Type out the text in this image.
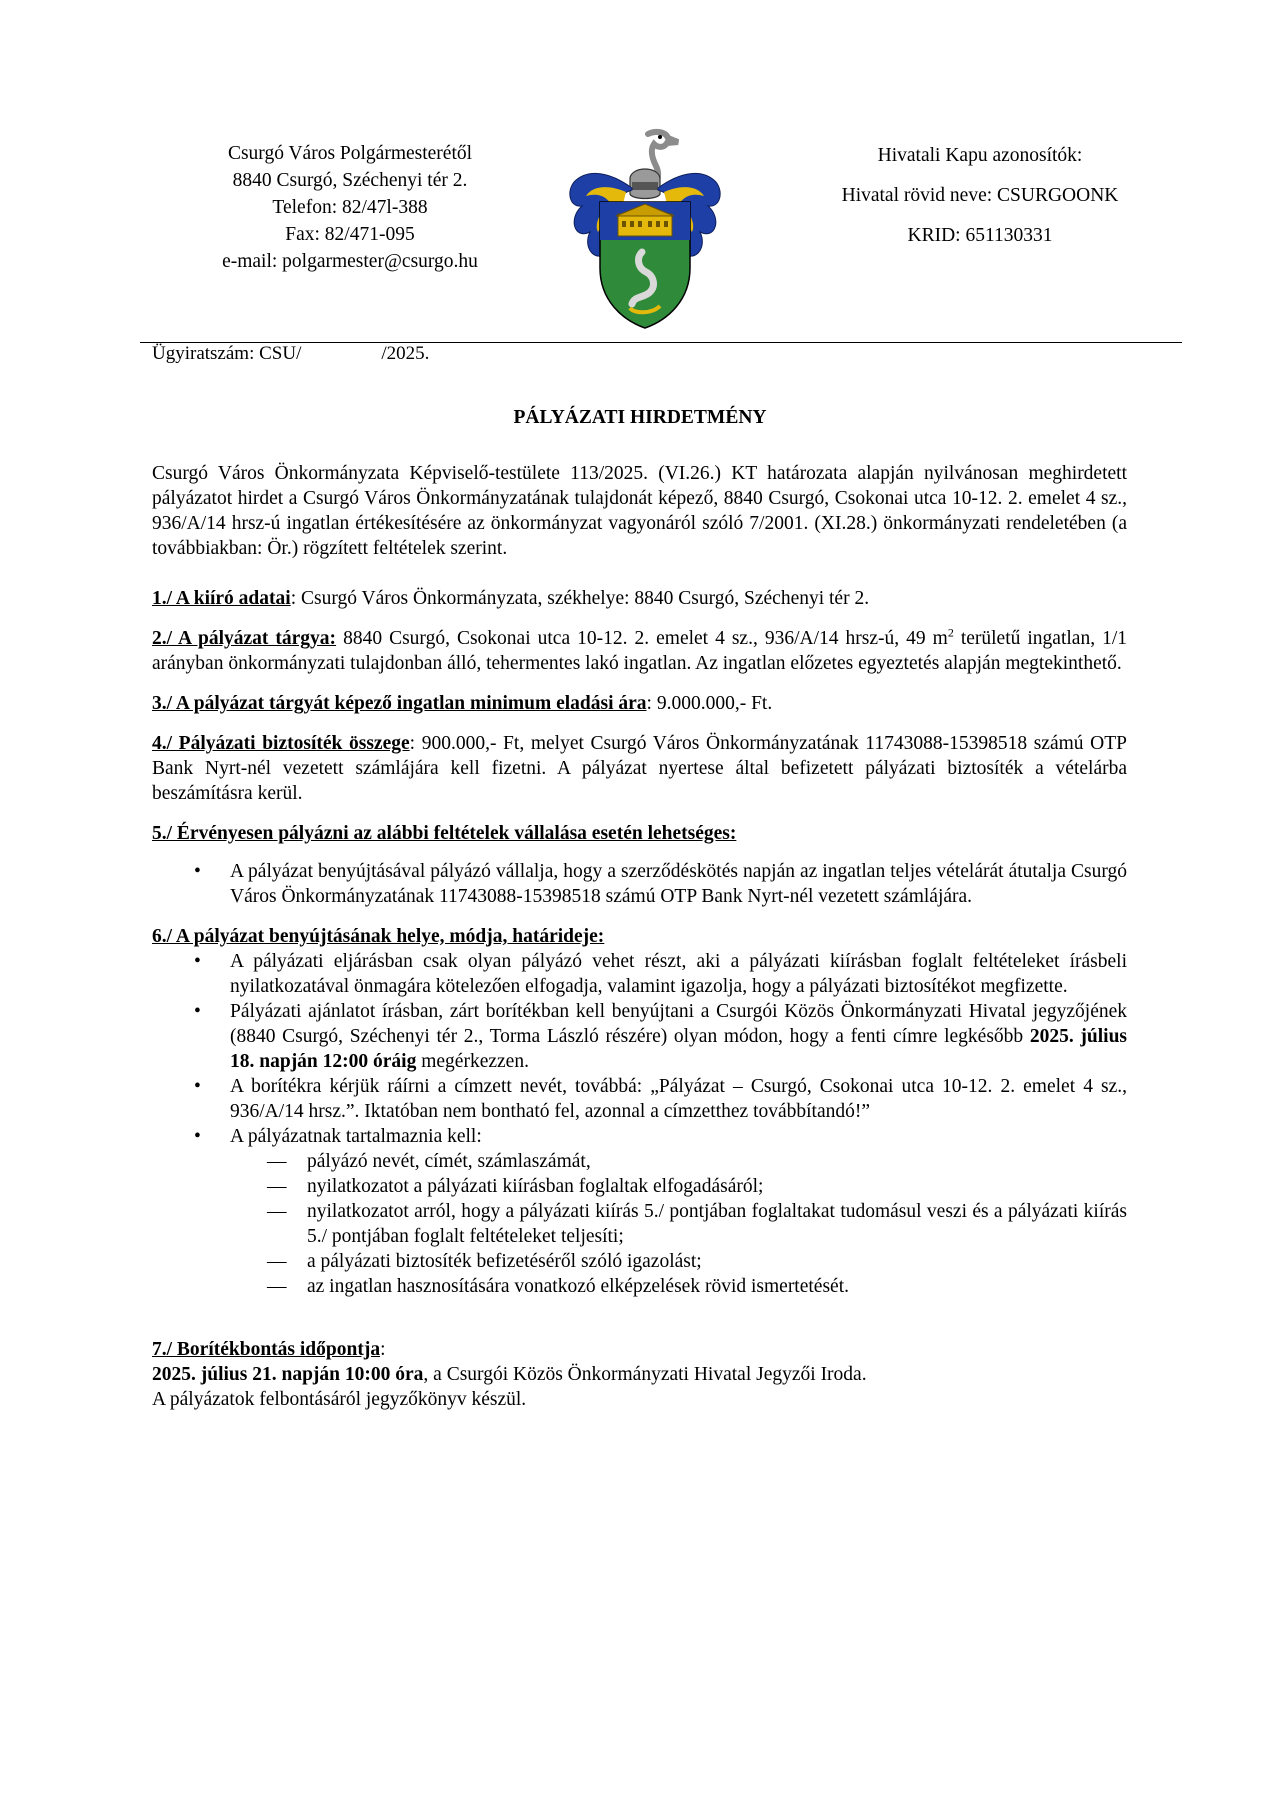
Csurgó Város Polgármesterétől
8840 Csurgó, Széchenyi tér 2.
Telefon: 82/47l-388
Fax: 82/471-095
e-mail: polgarmester@csurgo.hu
Hivatali Kapu azonosítók:
Hivatal rövid neve: CSURGOONK
KRID: 651130331
Ügyiratszám: CSU/	/2025.
PÁLYÁZATI HIRDETMÉNY

Csurgó Város Önkormányzata Képviselő-testülete 113/2025. (VI.26.) KT határozata alapján nyilvánosan meghirdetett pályázatot hirdet a Csurgó Város Önkormányzatának tulajdonát képező, 8840 Csurgó, Csokonai utca 10-12. 2. emelet 4 sz., 936/A/14 hrsz-ú ingatlan értékesítésére az önkormányzat vagyonáról szóló 7/2001. (XI.28.) önkormányzati rendeletében (a továbbiakban: Ör.) rögzített feltételek szerint.

1./ A kiíró adatai: Csurgó Város Önkormányzata, székhelye: 8840 Csurgó, Széchenyi tér 2.

2./ A pályázat tárgya: 8840 Csurgó, Csokonai utca 10-12. 2. emelet 4 sz., 936/A/14 hrsz-ú, 49 $m^2$ területű ingatlan, 1/1 arányban önkormányzati tulajdonban álló, tehermentes lakó ingatlan. Az ingatlan előzetes egyeztetés alapján megtekinthető.

3./ A pályázat tárgyát képező ingatlan minimum eladási ára: 9.000.000,- Ft.

4./ Pályázati biztosíték összege: 900.000,- Ft, melyet Csurgó Város Önkormányzatának 11743088-15398518 számú OTP Bank Nyrt-nél vezetett számlájára kell fizetni. A pályázat nyertese által befizetett pályázati biztosíték a vételárba beszámításra kerül.

5./ Érvényesen pályázni az alábbi feltételek vállalása esetén lehetséges:

• A pályázat benyújtásával pályázó vállalja, hogy a szerződéskötés napján az ingatlan teljes vételárát átutalja Csurgó Város Önkormányzatának 11743088-15398518 számú OTP Bank Nyrt-nél vezetett számlájára.

6./ A pályázat benyújtásának helye, módja, határideje:

• A pályázati eljárásban csak olyan pályázó vehet részt, aki a pályázati kiírásban foglalt feltételeket írásbeli nyilatkozatával önmagára kötelezően elfogadja, valamint igazolja, hogy a pályázati biztosítékot megfizette.

• Pályázati ajánlatot írásban, zárt borítékban kell benyújtani a Csurgói Közös Önkormányzati Hivatal jegyzőjének (8840 Csurgó, Széchenyi tér 2., Torma László részére) olyan módon, hogy a fenti címre legkésőbb 2025. július 18. napján 12:00 óráig megérkezzen.

• A borítékra kérjük ráírni a címzett nevét, továbbá: „Pályázat – Csurgó, Csokonai utca 10-12. 2. emelet 4 sz., 936/A/14 hrsz.”. Iktatóban nem bontható fel, azonnal a címzetthez továbbítandó!”

• A pályázatnak tartalmaznia kell:

— pályázó nevét, címét, számlaszámát,

— nyilatkozatot a pályázati kiírásban foglaltak elfogadásáról;

— nyilatkozatot arról, hogy a pályázati kiírás 5./ pontjában foglaltakat tudomásul veszi és a pályázati kiírás 5./ pontjában foglalt feltételeket teljesíti;

— a pályázati biztosíték befizetéséről szóló igazolást;

— az ingatlan hasznosítására vonatkozó elképzelések rövid ismertetését.

7./ Borítékbontás időpontja:

2025. július 21. napján 10:00 óra, a Csurgói Közös Önkormányzati Hivatal Jegyzői Iroda.

A pályázatok felbontásáról jegyzőkönyv készül.
